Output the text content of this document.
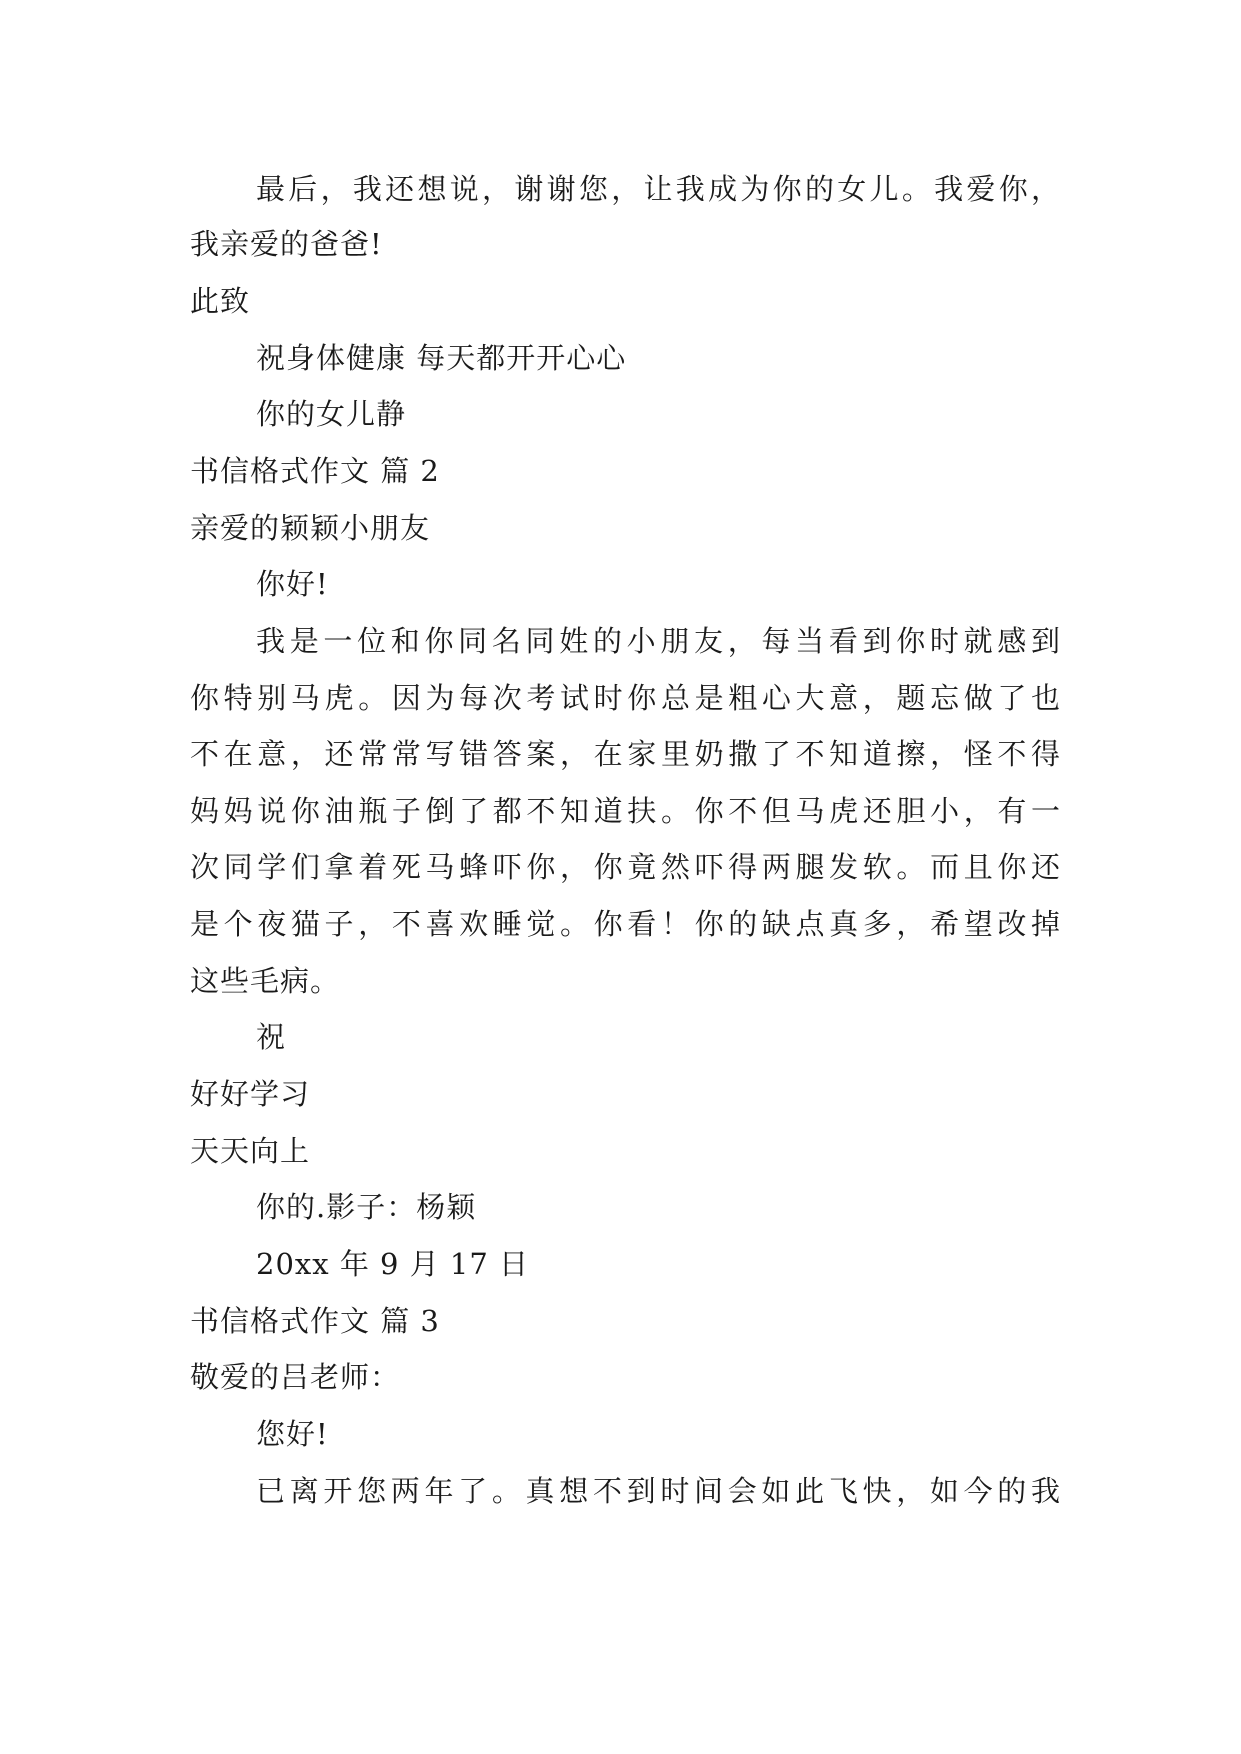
最后，我还想说，谢谢您，让我成为你的女儿。我爱你，
我亲爱的爸爸!
此致
祝身体健康 每天都开开心心
你的女儿静
书信格式作文 篇 2
亲爱的颖颖小朋友
你好!
我是一位和你同名同姓的小朋友，每当看到你时就感到
你特别马虎。因为每次考试时你总是粗心大意，题忘做了也
不在意，还常常写错答案，在家里奶撒了不知道擦，怪不得
妈妈说你油瓶子倒了都不知道扶。你不但马虎还胆小，有一
次同学们拿着死马蜂吓你，你竟然吓得两腿发软。而且你还
是个夜猫子，不喜欢睡觉。你看！你的缺点真多，希望改掉
这些毛病。
祝
好好学习
天天向上
你的.影子：杨颖
20xx 年 9 月 17 日
书信格式作文 篇 3
敬爱的吕老师：
您好!
已离开您两年了。真想不到时间会如此飞快，如今的我
